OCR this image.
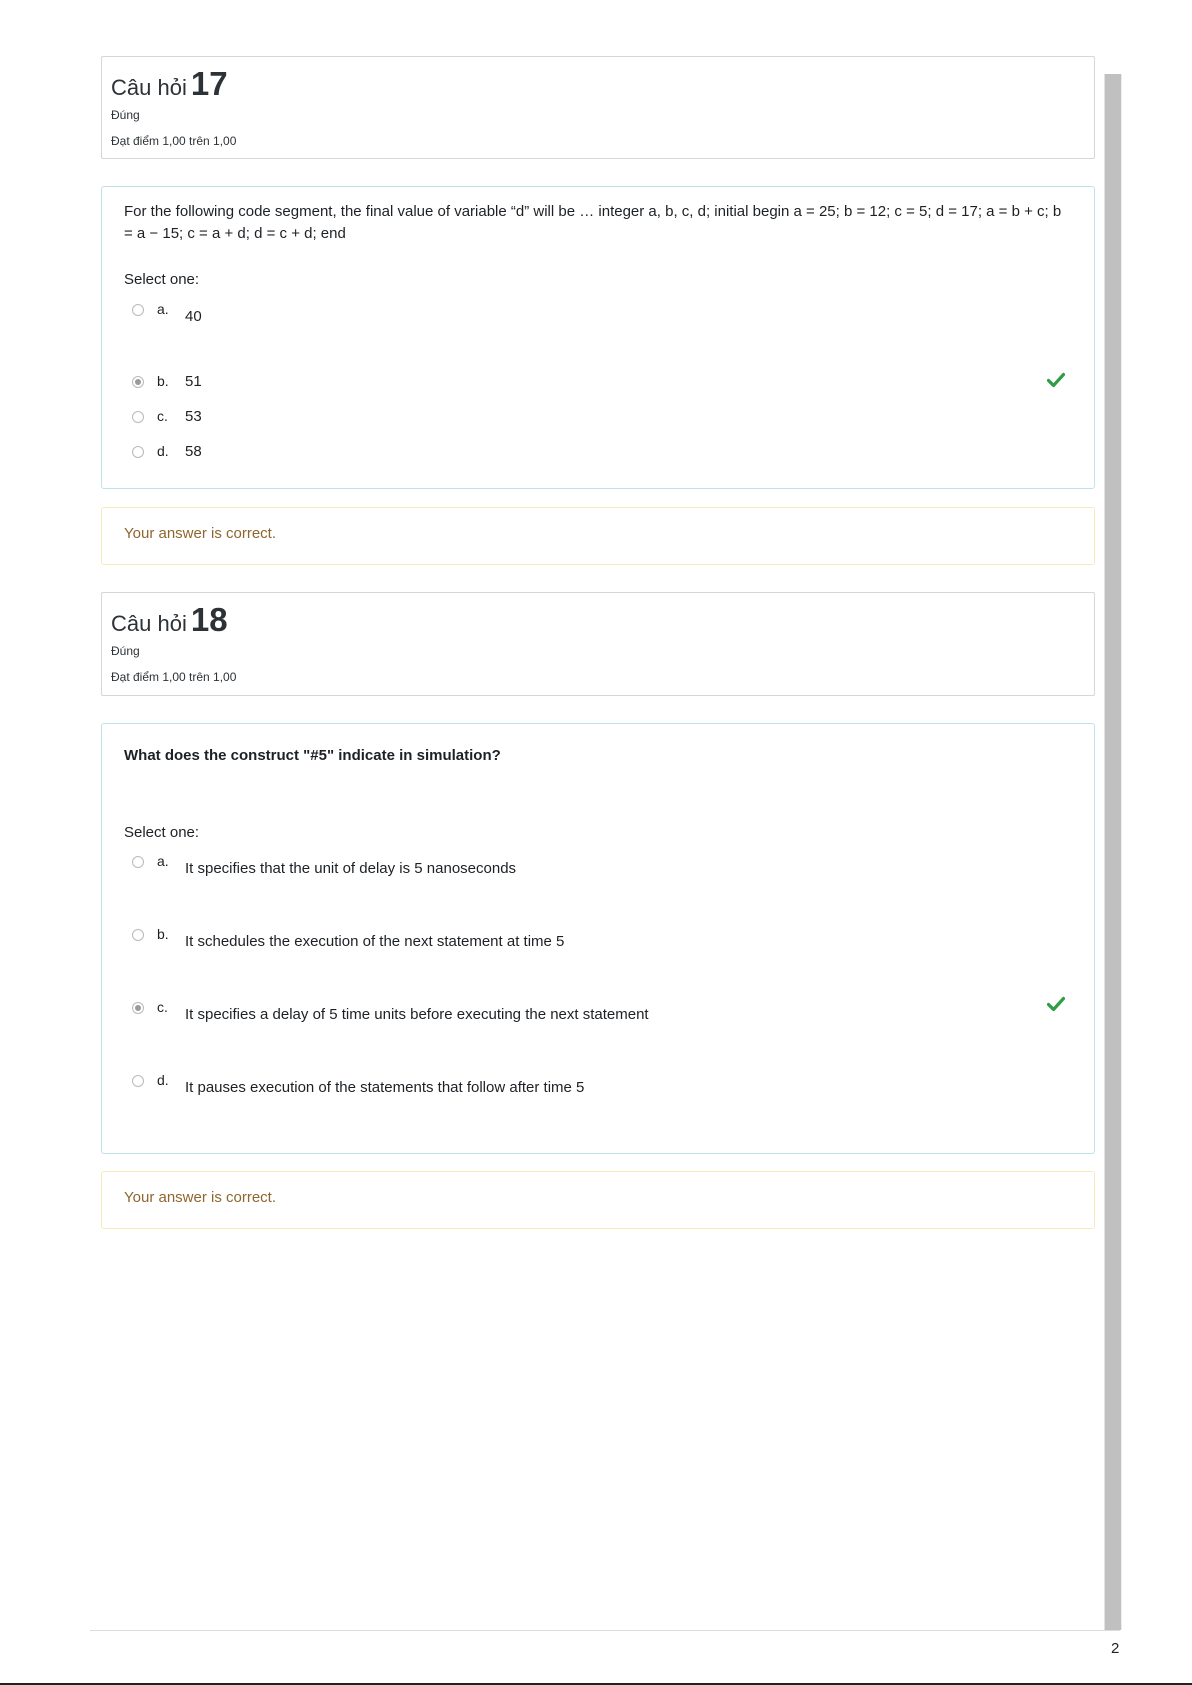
Câu hỏi 17
Đúng
Đạt điểm 1,00 trên 1,00
For the following code segment, the final value of variable “d” will be … integer a, b, c, d; initial begin a = 25; b = 12; c = 5; d = 17; a = b + c; b = a − 15; c = a + d; d = c + d; end
Select one:
a. 40
b. 51
c. 53
d. 58
Your answer is correct.
Câu hỏi 18
Đúng
Đạt điểm 1,00 trên 1,00
What does the construct "#5" indicate in simulation?
Select one:
a. It specifies that the unit of delay is 5 nanoseconds
b. It schedules the execution of the next statement at time 5
c. It specifies a delay of 5 time units before executing the next statement
d. It pauses execution of the statements that follow after time 5
Your answer is correct.
2
